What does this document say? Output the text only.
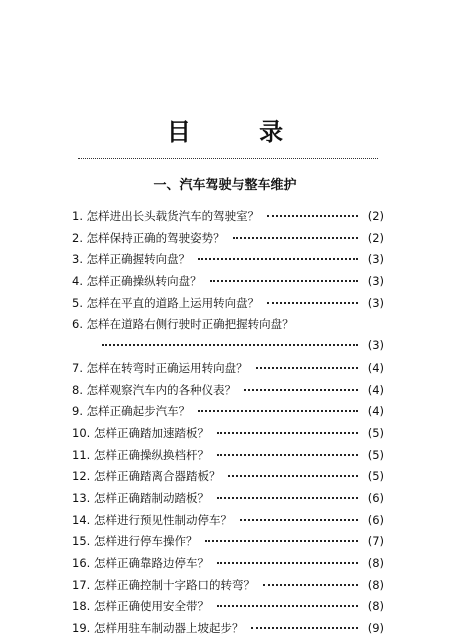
目 录
一、汽车驾驶与整车维护
1. 怎样进出长头载货汽车的驾驶室？	(2)
2. 怎样保持正确的驾驶姿势？	(2)
3. 怎样正确握转向盘？	(3)
4. 怎样正确操纵转向盘？	(3)
5. 怎样在平直的道路上运用转向盘？	(3)
6. 怎样在道路右侧行驶时正确把握转向盘？
(3)
7. 怎样在转弯时正确运用转向盘？	(4)
8. 怎样观察汽车内的各种仪表？	(4)
9. 怎样正确起步汽车？	(4)
10. 怎样正确踏加速踏板？	(5)
11. 怎样正确操纵换档杆？	(5)
12. 怎样正确踏离合器踏板？	(5)
13. 怎样正确踏制动踏板？	(6)
14. 怎样进行预见性制动停车？	(6)
15. 怎样进行停车操作？	(7)
16. 怎样正确靠路边停车？	(8)
17. 怎样正确控制十字路口的转弯？	(8)
18. 怎样正确使用安全带？	(8)
19. 怎样用驻车制动器上坡起步？	(9)
